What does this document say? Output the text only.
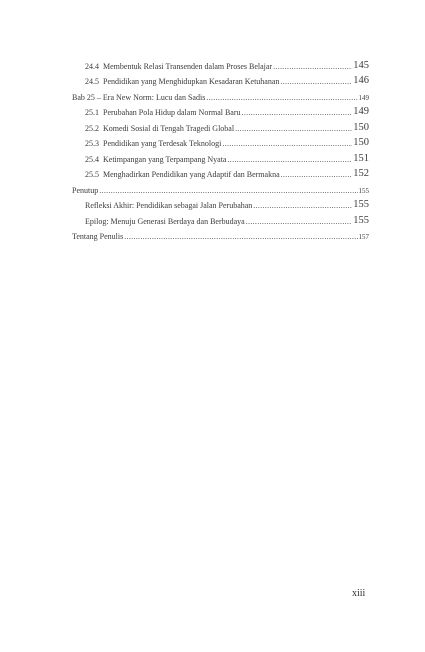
24.4 Membentuk Relasi Transenden dalam Proses Belajar .....	145
24.5 Pendidikan yang Menghidupkan Kesadaran Ketuhanan .....	146
Bab 25 – Era New Norm: Lucu dan Sadis .....	149
25.1 Perubahan Pola Hidup dalam Normal Baru .....	149
25.2 Komedi Sosial di Tengah Tragedi Global .....	150
25.3 Pendidikan yang Terdesak Teknologi .....	150
25.4 Ketimpangan yang Terpampang Nyata .....	151
25.5 Menghadirkan Pendidikan yang Adaptif dan Bermakna .....	152
Penutup .....	155
Refleksi Akhir: Pendidikan sebagai Jalan Perubahan .....	155
Epilog: Menuju Generasi Berdaya dan Berbudaya .....	155
Tentang Penulis .....	157
xiii
